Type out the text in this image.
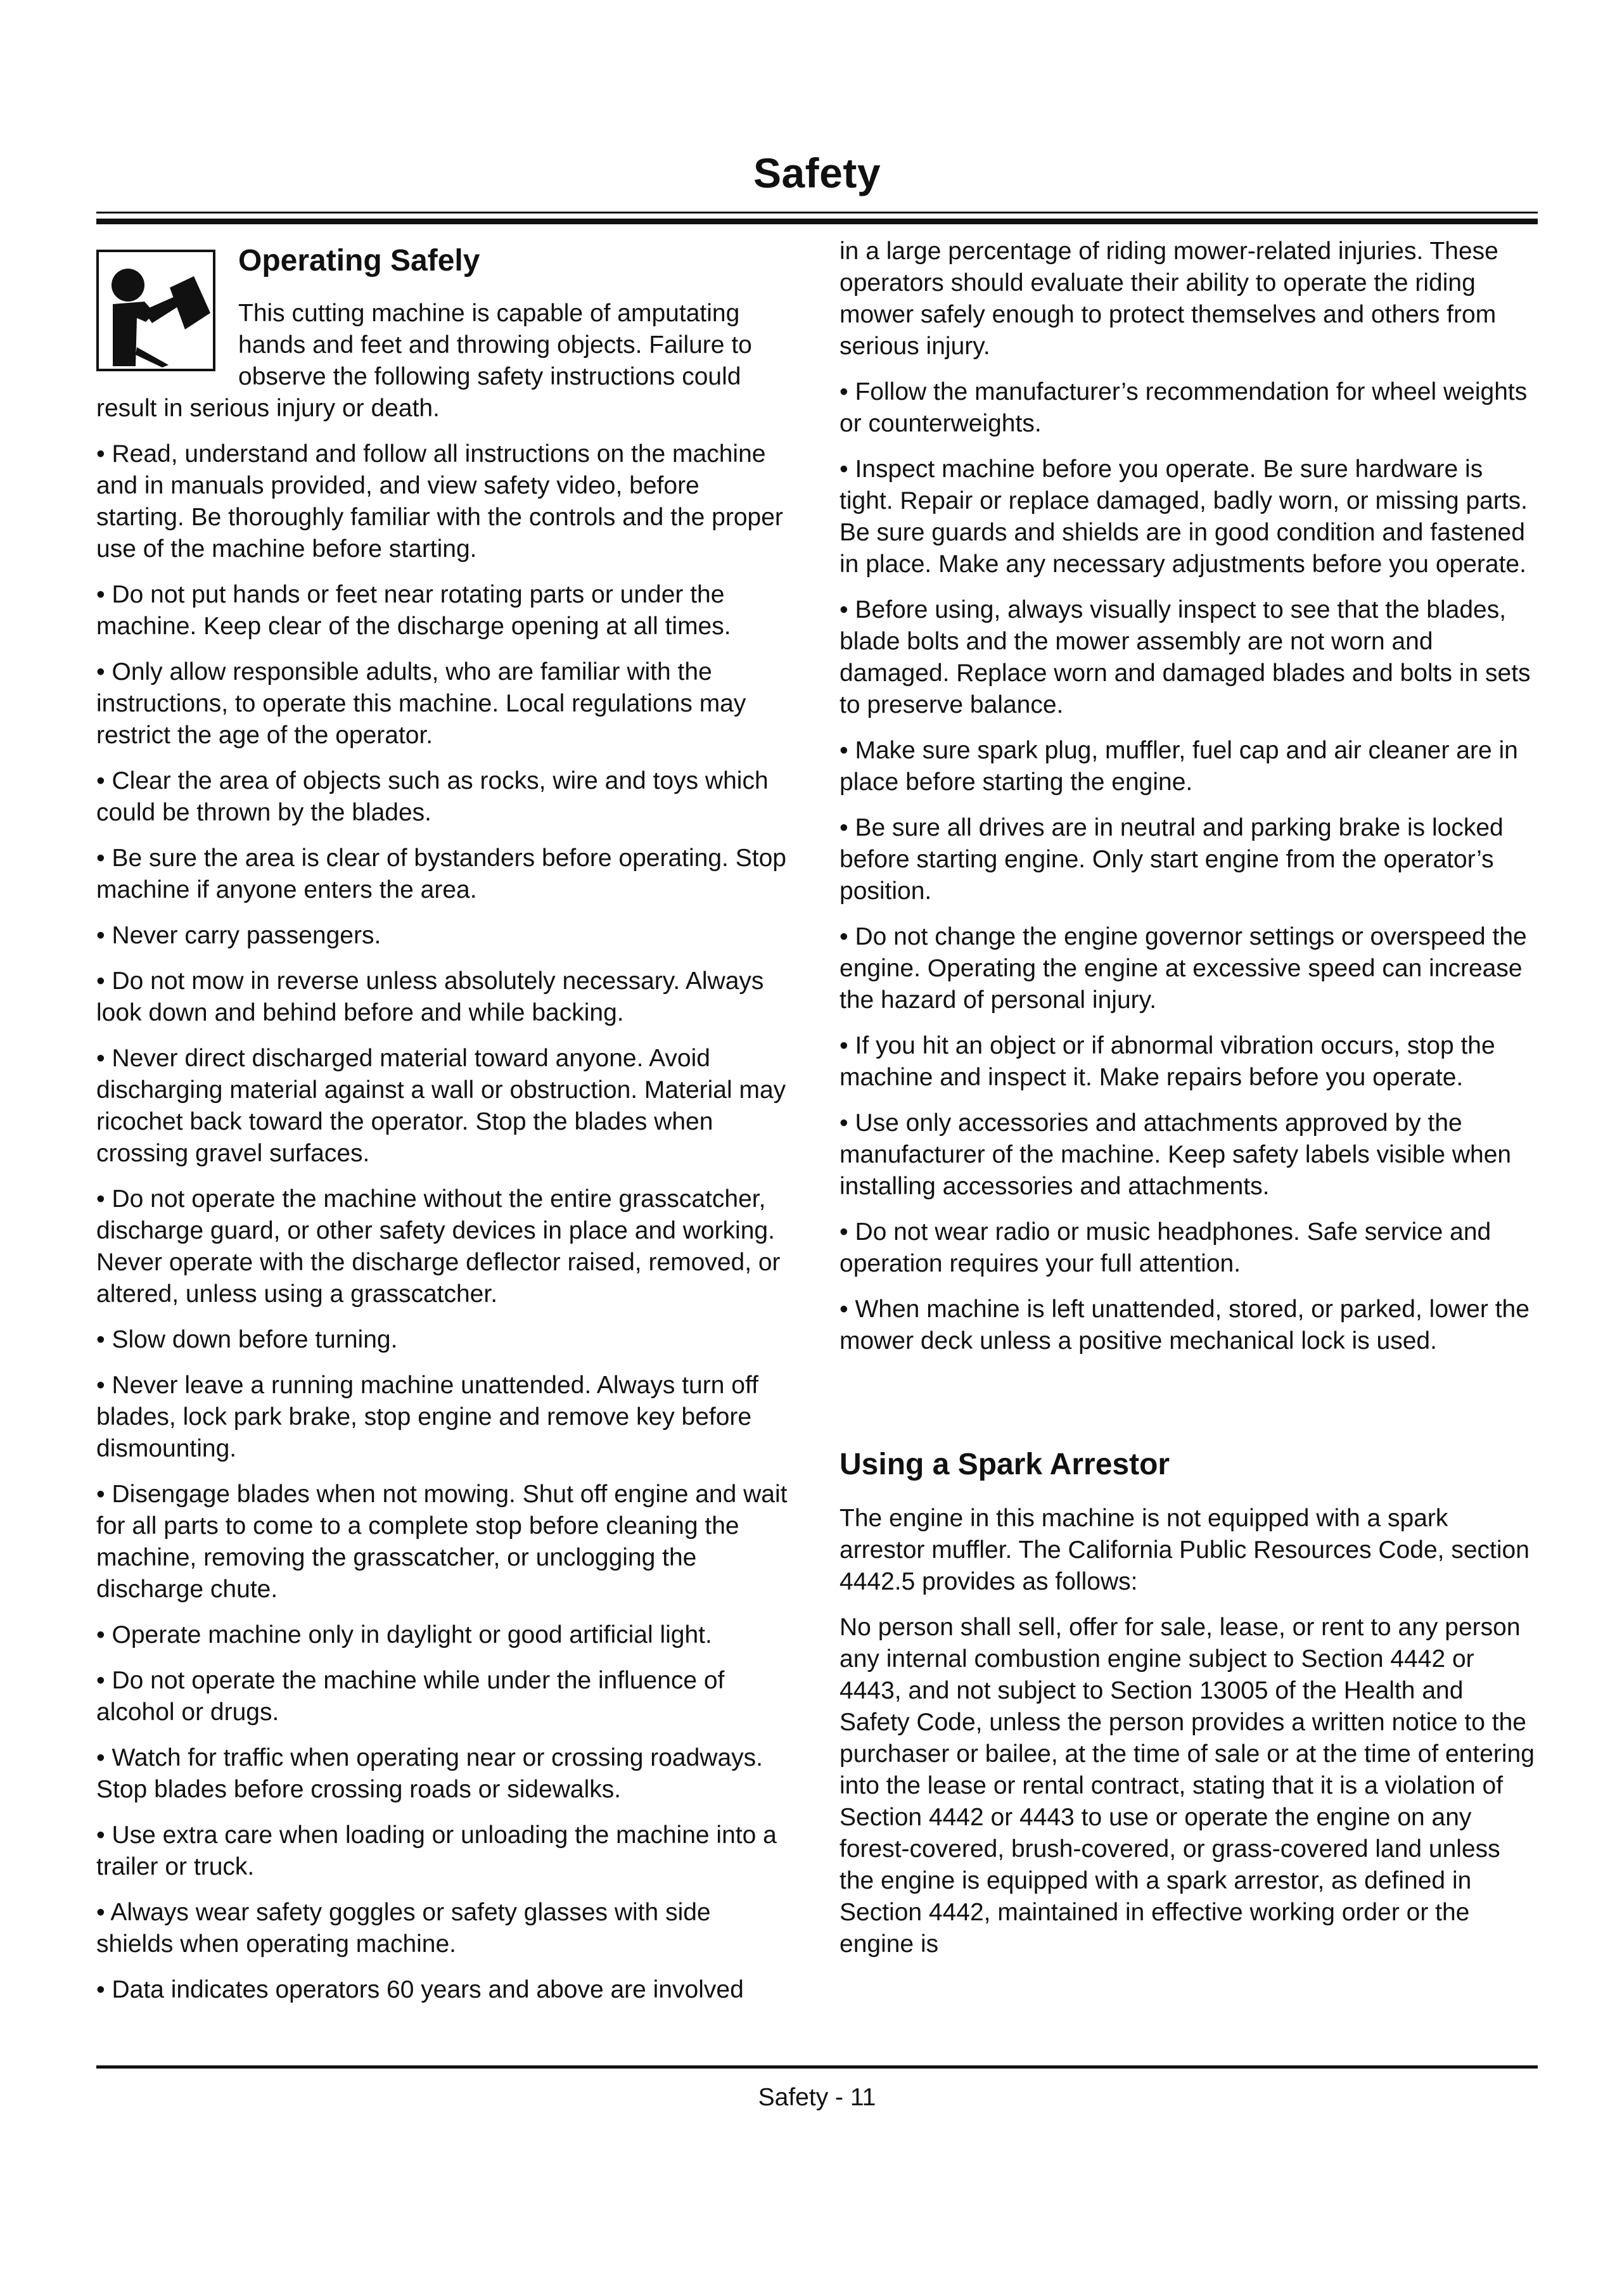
Safety
Operating Safely

This cutting machine is capable of amputating hands and feet and throwing objects. Failure to observe the following safety instructions could result in serious injury or death.

• Read, understand and follow all instructions on the machine and in manuals provided, and view safety video, before starting. Be thoroughly familiar with the controls and the proper use of the machine before starting.

• Do not put hands or feet near rotating parts or under the machine. Keep clear of the discharge opening at all times.

• Only allow responsible adults, who are familiar with the instructions, to operate this machine. Local regulations may restrict the age of the operator.

• Clear the area of objects such as rocks, wire and toys which could be thrown by the blades.

• Be sure the area is clear of bystanders before operating. Stop machine if anyone enters the area.

• Never carry passengers.

• Do not mow in reverse unless absolutely necessary. Always look down and behind before and while backing.

• Never direct discharged material toward anyone. Avoid discharging material against a wall or obstruction. Material may ricochet back toward the operator. Stop the blades when crossing gravel surfaces.

• Do not operate the machine without the entire grasscatcher, discharge guard, or other safety devices in place and working. Never operate with the discharge deflector raised, removed, or altered, unless using a grasscatcher.

• Slow down before turning.

• Never leave a running machine unattended. Always turn off blades, lock park brake, stop engine and remove key before dismounting.

• Disengage blades when not mowing. Shut off engine and wait for all parts to come to a complete stop before cleaning the machine, removing the grasscatcher, or unclogging the discharge chute.

• Operate machine only in daylight or good artificial light.

• Do not operate the machine while under the influence of alcohol or drugs.

• Watch for traffic when operating near or crossing roadways. Stop blades before crossing roads or sidewalks.

• Use extra care when loading or unloading the machine into a trailer or truck.

• Always wear safety goggles or safety glasses with side shields when operating machine.

• Data indicates operators 60 years and above are involved

in a large percentage of riding mower-related injuries. These operators should evaluate their ability to operate the riding mower safely enough to protect themselves and others from serious injury.

• Follow the manufacturer’s recommendation for wheel weights or counterweights.

• Inspect machine before you operate. Be sure hardware is tight. Repair or replace damaged, badly worn, or missing parts. Be sure guards and shields are in good condition and fastened in place. Make any necessary adjustments before you operate.

• Before using, always visually inspect to see that the blades, blade bolts and the mower assembly are not worn and damaged. Replace worn and damaged blades and bolts in sets to preserve balance.

• Make sure spark plug, muffler, fuel cap and air cleaner are in place before starting the engine.

• Be sure all drives are in neutral and parking brake is locked before starting engine. Only start engine from the operator’s position.

• Do not change the engine governor settings or overspeed the engine. Operating the engine at excessive speed can increase the hazard of personal injury.

• If you hit an object or if abnormal vibration occurs, stop the machine and inspect it. Make repairs before you operate.

• Use only accessories and attachments approved by the manufacturer of the machine. Keep safety labels visible when installing accessories and attachments.

• Do not wear radio or music headphones. Safe service and operation requires your full attention.

• When machine is left unattended, stored, or parked, lower the mower deck unless a positive mechanical lock is used.

Using a Spark Arrestor

The engine in this machine is not equipped with a spark arrestor muffler. The California Public Resources Code, section 4442.5 provides as follows:

No person shall sell, offer for sale, lease, or rent to any person any internal combustion engine subject to Section 4442 or 4443, and not subject to Section 13005 of the Health and Safety Code, unless the person provides a written notice to the purchaser or bailee, at the time of sale or at the time of entering into the lease or rental contract, stating that it is a violation of Section 4442 or 4443 to use or operate the engine on any forest-covered, brush-covered, or grass-covered land unless the engine is equipped with a spark arrestor, as defined in Section 4442, maintained in effective working order or the engine is

Safety - 11
